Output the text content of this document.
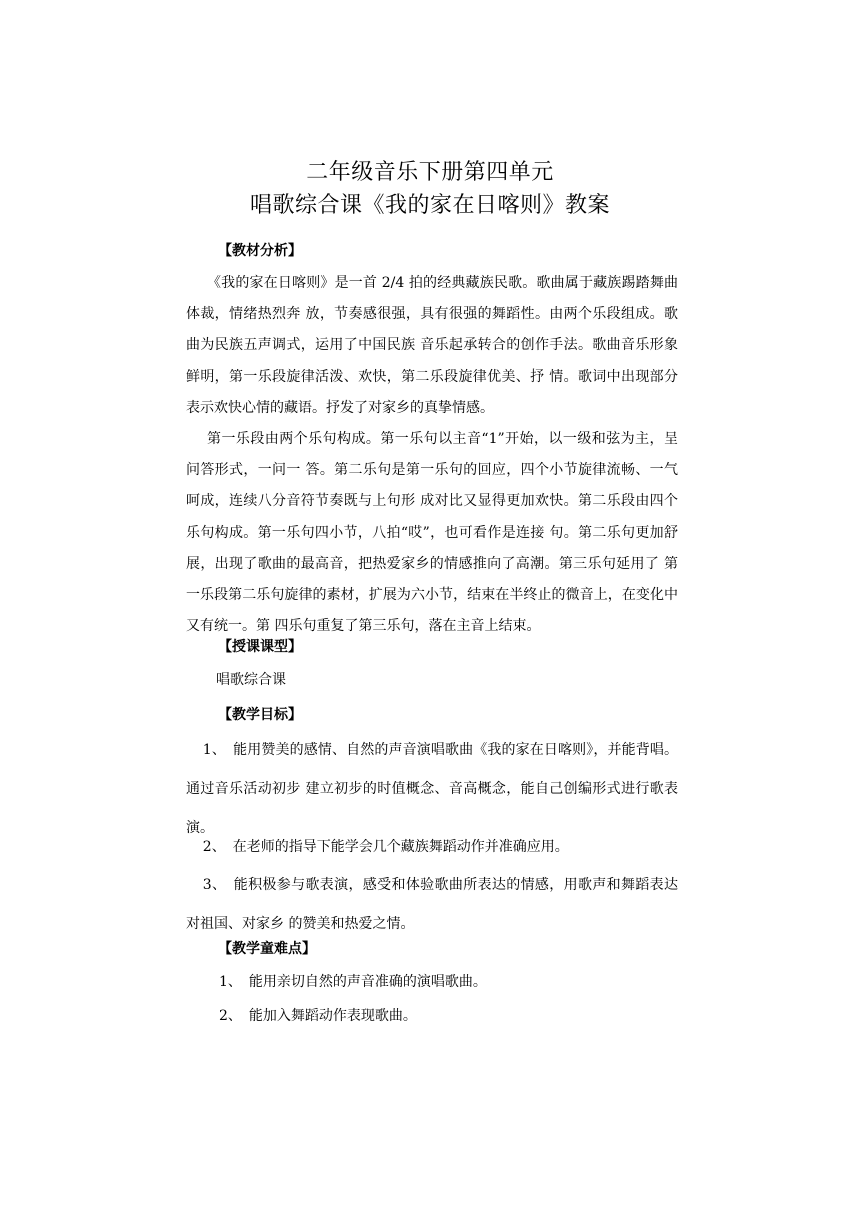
二年级音乐下册第四单元
唱歌综合课《我的家在日喀则》教案
【教材分析】

《我的家在日喀则》是一首 2/4 拍的经典藏族民歌。歌曲属于藏族踢踏舞曲体裁，情绪热烈奔 放，节奏感很强，具有很强的舞蹈性。由两个乐段组成。歌曲为民族五声调式，运用了中国民族 音乐起承转合的创作手法。歌曲音乐形象鲜明，第一乐段旋律活泼、欢快，第二乐段旋律优美、抒 情。歌词中出现部分表示欢快心情的藏语。抒发了对家乡的真挚情感。

第一乐段由两个乐句构成。第一乐句以主音“1”开始，以一级和弦为主，呈问答形式，一问一 答。第二乐句是第一乐句的回应，四个小节旋律流畅、一气呵成，连续八分音符节奏既与上句形 成对比又显得更加欢快。第二乐段由四个乐句构成。第一乐句四小节，八拍“哎”，也可看作是连接 句。第二乐句更加舒展，出现了歌曲的最高音，把热爱家乡的情感推向了高潮。第三乐句延用了 第一乐段第二乐句旋律的素材，扩展为六小节，结束在半终止的微音上，在变化中又有统一。第 四乐句重复了第三乐句，落在主音上结束。

【授课课型】
唱歌综合课
【教学目标】

1、　能用赞美的感情、自然的声音演唱歌曲《我的家在日喀则》，并能背唱。通过音乐活动初步 建立初步的时值概念、音高概念，能自己创编形式进行歌表演。

2、　在老师的指导下能学会几个藏族舞蹈动作并准确应用。

3、　能积极参与歌表演，感受和体验歌曲所表达的情感，用歌声和舞蹈表达对祖国、对家乡 的赞美和热爱之情。

【教学童难点】
1、　能用亲切自然的声音准确的演唱歌曲。
2、　能加入舞蹈动作表现歌曲。
